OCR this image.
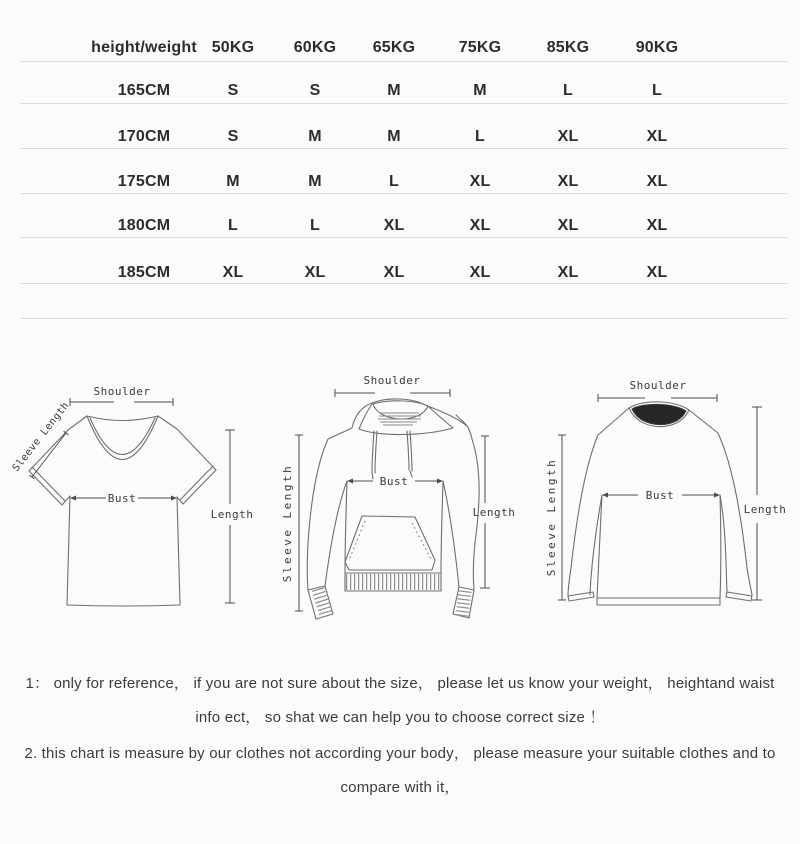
height/weight 50KG 60KG 65KG	75KG	85KG	90KG
165CM	S	S	M	M	L	L
170CM	S	M	M	L	XL	XL
175CM	M	M	L	XL	XL	XL
180CM	L	L	XL	XL	XL	XL
185CM	XL	XL	XL	XL	XL	XL
Shoulder
Sleeve Length
Bust
Length
Shoulder
Sleeve Length	Bust
Length
Shoulder
Sleeve Length	Bust
Length
1： only for reference， if you are not sure about the size， please let us know your weight， heightand waist
info ect， so shat we can help you to choose correct size ！
2. this chart is measure by our clothes not according your body， please measure your suitable clothes and to
compare with it，
